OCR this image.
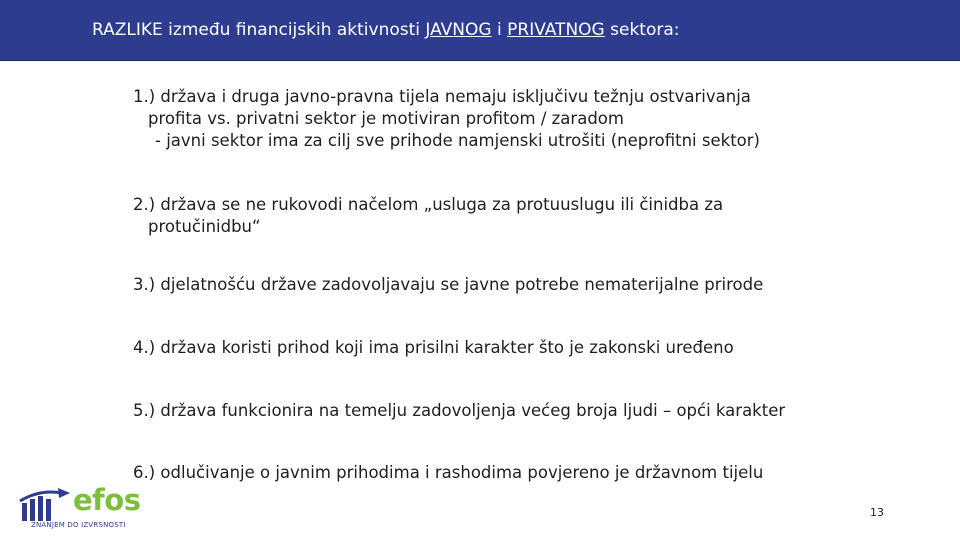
RAZLIKE između financijskih aktivnosti JAVNOG i PRIVATNOG sektora:
1.) država i druga javno-pravna tijela nemaju isključivu težnju ostvarivanja
profita vs. privatni sektor je motiviran profitom / zaradom
- javni sektor ima za cilj sve prihode namjenski utrošiti (neprofitni sektor)
2.) država se ne rukovodi načelom „usluga za protuuslugu ili činidba za
protučinidbu“
3.) djelatnošću države zadovoljavaju se javne potrebe nematerijalne prirode
4.) država koristi prihod koji ima prisilni karakter što je zakonski uređeno
5.) država funkcionira na temelju zadovoljenja većeg broja ljudi – opći karakter
6.) odlučivanje o javnim prihodima i rashodima povjereno je državnom tijelu
efos
ZNANJEM DO IZVRSNOSTI
13
